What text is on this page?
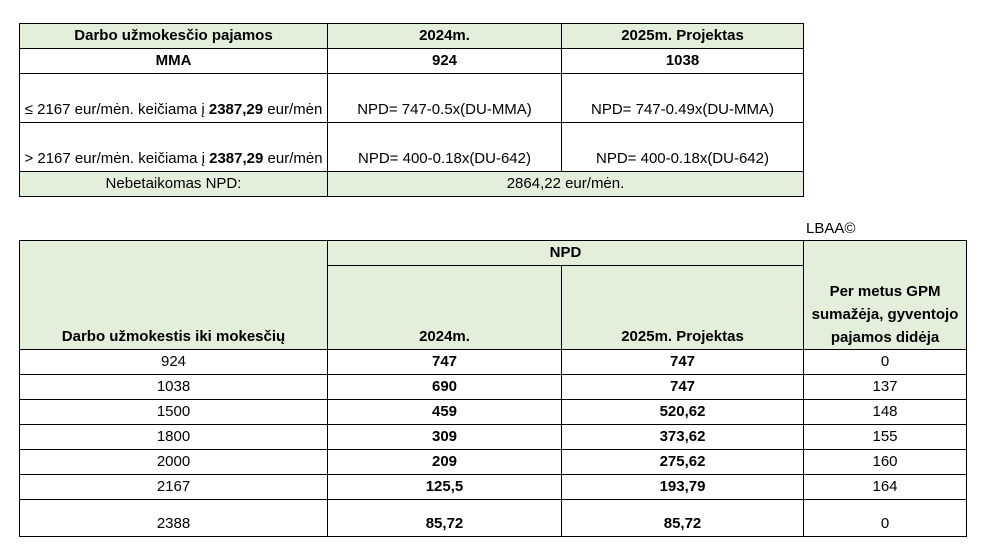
Darbo užmokesčio pajamos	2024m.	2025m. Projektas
MMA	924	1038
≤ 2167 eur/mėn. keičiama į 2387,29 eur/mėn	NPD= 747-0.5x(DU-MMA)	NPD= 747-0.49x(DU-MMA)
> 2167 eur/mėn. keičiama į 2387,29 eur/mėn	NPD= 400-0.18x(DU-642)	NPD= 400-0.18x(DU-642)
Nebetaikomas NPD:	2864,22 eur/mėn.	
LBAA©
Darbo užmokestis iki mokesčių	NPD		Per metus GPM sumažėja, gyventojo pajamos didėja
	2024m.	2025m. Projektas	
924	747	747	0
1038	690	747	137
1500	459	520,62	148
1800	309	373,62	155
2000	209	275,62	160
2167	125,5	193,79	164
2388	85,72	85,72	0
